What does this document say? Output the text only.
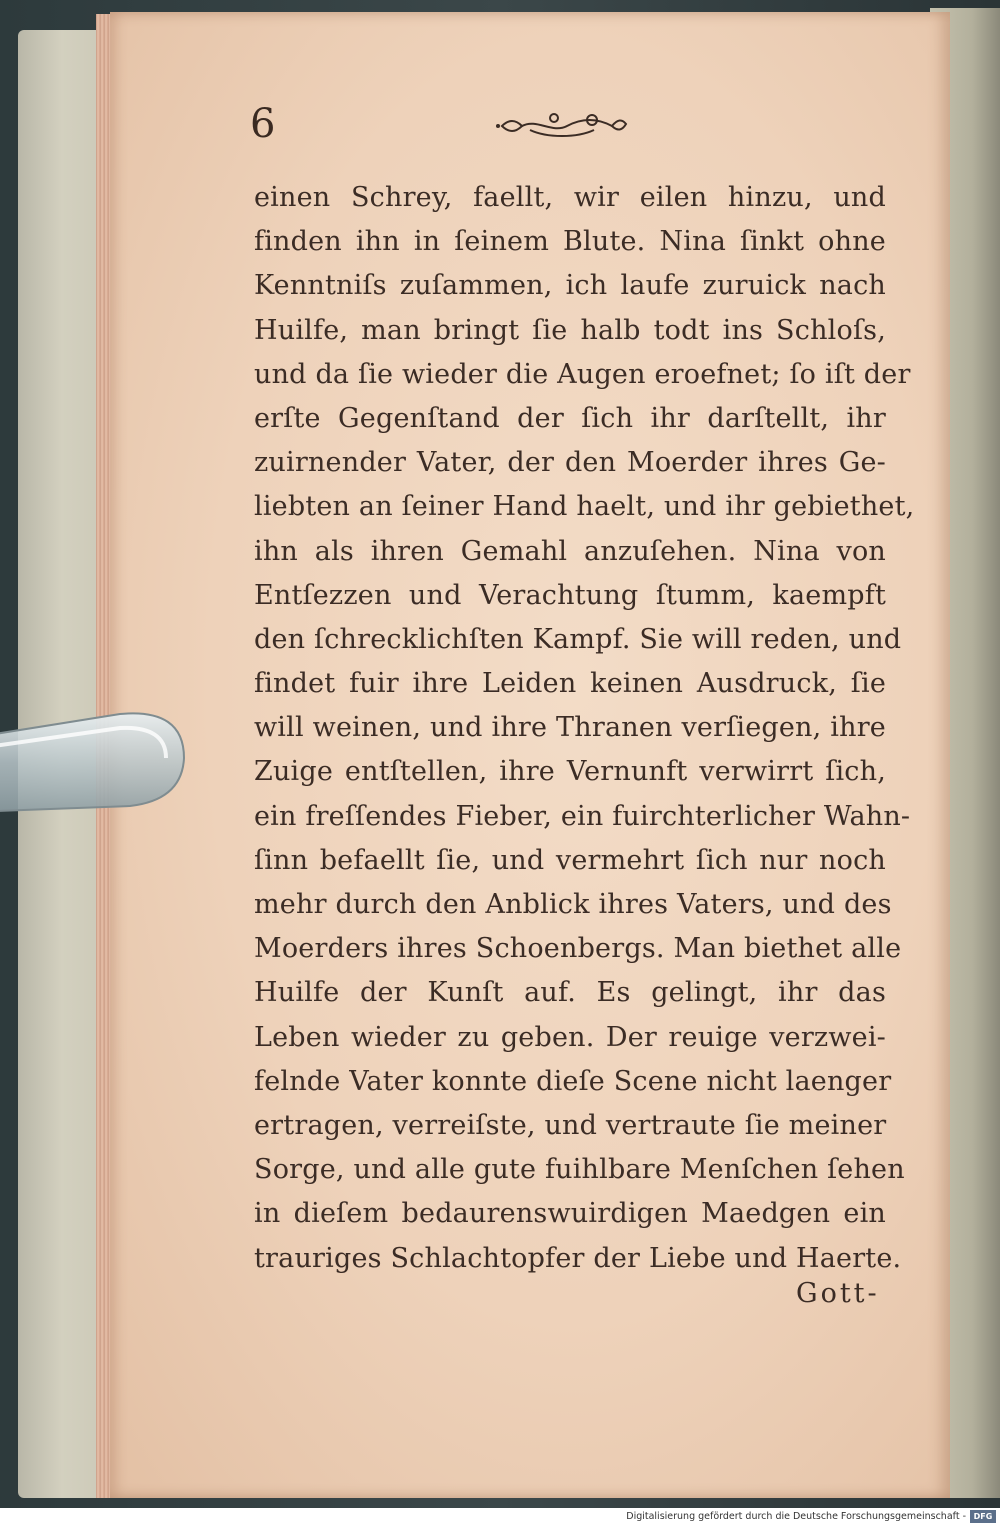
6
einen Schrey, faellt, wir eilen hinzu, und
finden ihn in ſeinem Blute. Nina ſinkt ohne
Kenntniſs zuſammen, ich laufe zuruick nach
Huilfe, man bringt ſie halb todt ins Schloſs,
und da ſie wieder die Augen eroefnet; ſo iſt der
erſte Gegenſtand der ſich ihr darſtellt, ihr
zuirnender Vater, der den Moerder ihres Ge-
liebten an ſeiner Hand haelt, und ihr gebiethet,
ihn als ihren Gemahl anzuſehen. Nina von
Entſezzen und Verachtung ſtumm, kaempft
den ſchrecklichſten Kampf. Sie will reden, und
findet fuir ihre Leiden keinen Ausdruck, ſie
will weinen, und ihre Thranen verſiegen, ihre
Zuige entſtellen, ihre Vernunft verwirrt ſich,
ein freſſendes Fieber, ein fuirchterlicher Wahn-
ſinn befaellt ſie, und vermehrt ſich nur noch
mehr durch den Anblick ihres Vaters, und des
Moerders ihres Schoenbergs. Man biethet alle
Huilfe der Kunſt auf. Es gelingt, ihr das
Leben wieder zu geben. Der reuige verzwei-
felnde Vater konnte dieſe Scene nicht laenger
ertragen, verreiſste, und vertraute ſie meiner
Sorge, und alle gute fuihlbare Menſchen ſehen
in dieſem bedaurenswuirdigen Maedgen ein
trauriges Schlachtopfer der Liebe und Haerte.
Gott-
Digitalisierung gefördert durch die Deutsche Forschungsgemeinschaft - DFG
